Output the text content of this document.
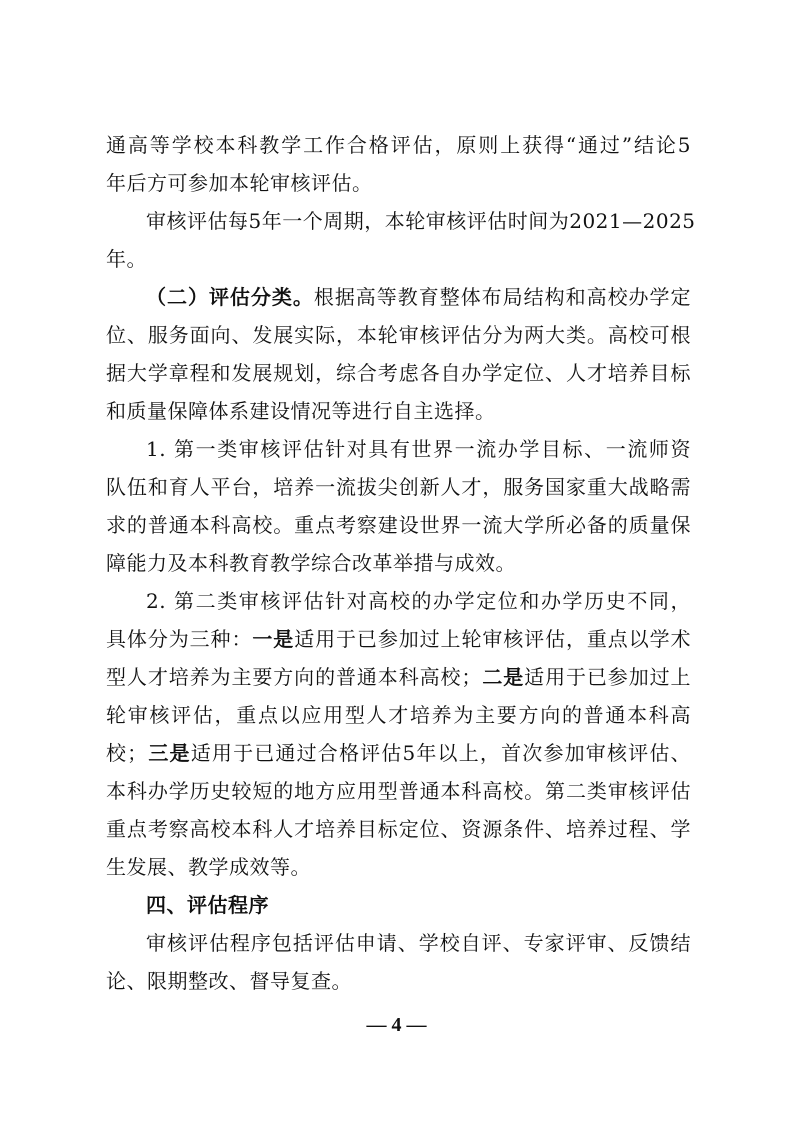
通高等学校本科教学工作合格评估，原则上获得“通过”结论5
年后方可参加本轮审核评估。
审核评估每5年一个周期，本轮审核评估时间为2021—2025
年。
（二）评估分类。根据高等教育整体布局结构和高校办学定
位、服务面向、发展实际，本轮审核评估分为两大类。高校可根
据大学章程和发展规划，综合考虑各自办学定位、人才培养目标
和质量保障体系建设情况等进行自主选择。
1. 第一类审核评估针对具有世界一流办学目标、一流师资
队伍和育人平台，培养一流拔尖创新人才，服务国家重大战略需
求的普通本科高校。重点考察建设世界一流大学所必备的质量保
障能力及本科教育教学综合改革举措与成效。
2. 第二类审核评估针对高校的办学定位和办学历史不同，
具体分为三种：一是适用于已参加过上轮审核评估，重点以学术
型人才培养为主要方向的普通本科高校；二是适用于已参加过上
轮审核评估，重点以应用型人才培养为主要方向的普通本科高
校；三是适用于已通过合格评估5年以上，首次参加审核评估、
本科办学历史较短的地方应用型普通本科高校。第二类审核评估
重点考察高校本科人才培养目标定位、资源条件、培养过程、学
生发展、教学成效等。
四、评估程序
审核评估程序包括评估申请、学校自评、专家评审、反馈结
论、限期整改、督导复查。
— 4 —
